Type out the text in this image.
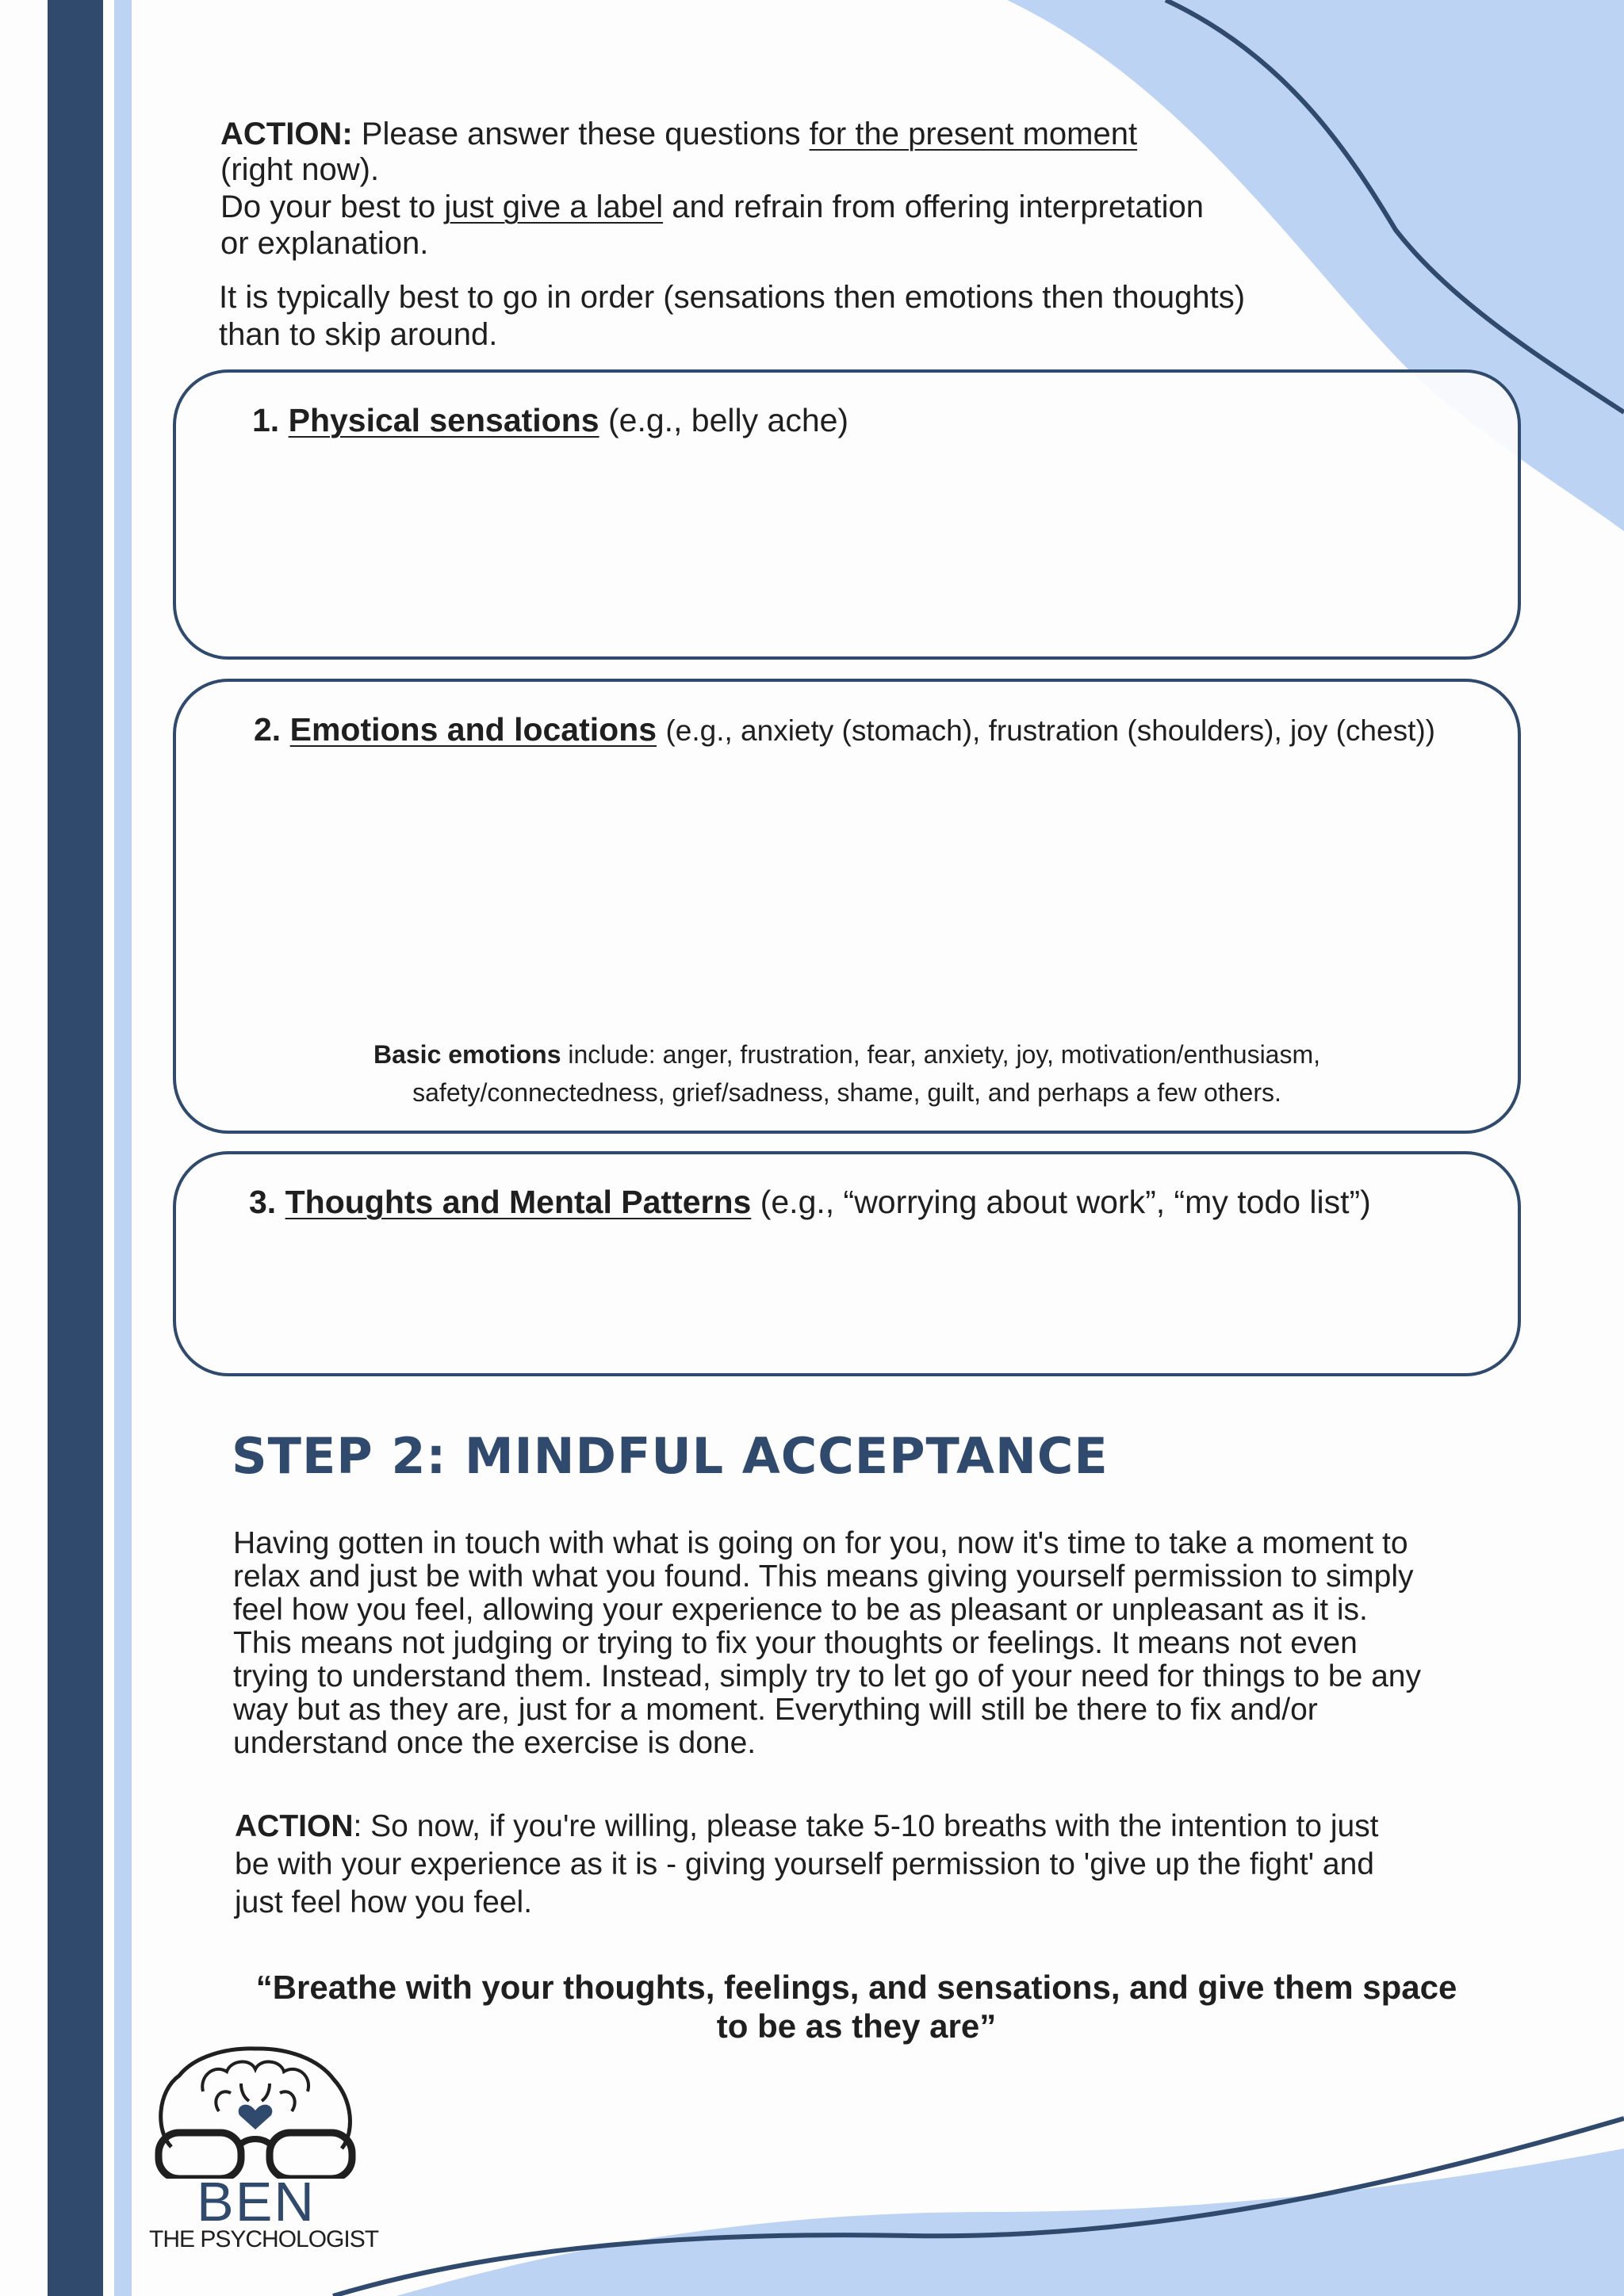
ACTION: Please answer these questions for the present moment
(right now).
Do your best to just give a label and refrain from offering interpretation
or explanation.
It is typically best to go in order (sensations then emotions then thoughts)
than to skip around.
1. Physical sensations (e.g., belly ache)
2. Emotions and locations (e.g., anxiety (stomach), frustration (shoulders), joy (chest))
Basic emotions include: anger, frustration, fear, anxiety, joy, motivation/enthusiasm,
safety/connectedness, grief/sadness, shame, guilt, and perhaps a few others.
3. Thoughts and Mental Patterns (e.g., “worrying about work”, “my todo list”)
STEP 2: MINDFUL ACCEPTANCE
Having gotten in touch with what is going on for you, now it's time to take a moment to
relax and just be with what you found. This means giving yourself permission to simply
feel how you feel, allowing your experience to be as pleasant or unpleasant as it is.
This means not judging or trying to fix your thoughts or feelings. It means not even
trying to understand them. Instead, simply try to let go of your need for things to be any
way but as they are, just for a moment. Everything will still be there to fix and/or
understand once the exercise is done.
ACTION: So now, if you're willing, please take 5-10 breaths with the intention to just
be with your experience as it is - giving yourself permission to 'give up the fight' and
just feel how you feel.
“Breathe with your thoughts, feelings, and sensations, and give them space
to be as they are”
BEN
THE PSYCHOLOGIST
